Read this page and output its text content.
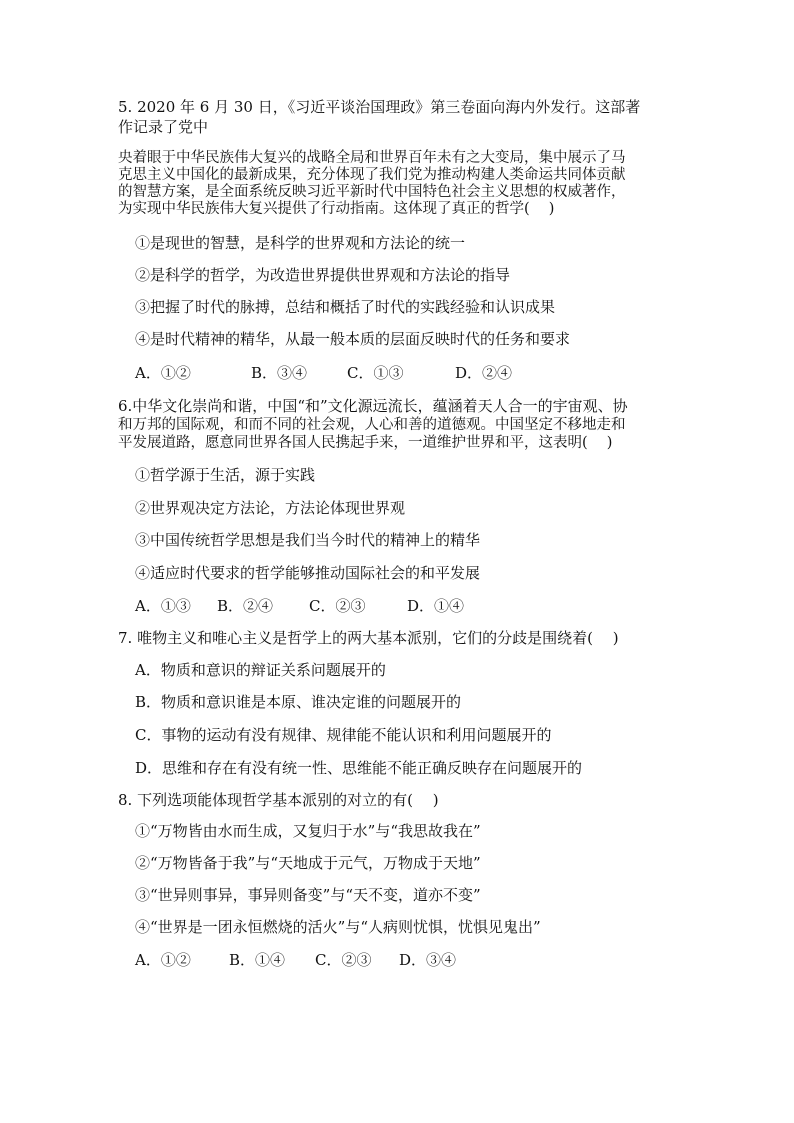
5. 2020 年 6 月 30 日，《习近平谈治国理政》第三卷面向海内外发行。这部著
作记录了党中
央着眼于中华民族伟大复兴的战略全局和世界百年未有之大变局，集中展示了马
克思主义中国化的最新成果，充分体现了我们党为推动构建人类命运共同体贡献
的智慧方案，是全面系统反映习近平新时代中国特色社会主义思想的权威著作，
为实现中华民族伟大复兴提供了行动指南。这体现了真正的哲学(　 )
①是现世的智慧，是科学的世界观和方法论的统一
②是科学的哲学，为改造世界提供世界观和方法论的指导
③把握了时代的脉搏，总结和概括了时代的实践经验和认识成果
④是时代精神的精华，从最一般本质的层面反映时代的任务和要求
A．①②	B．③④	C．①③	D．②④
6.中华文化崇尚和谐，中国“和”文化源远流长，蕴涵着天人合一的宇宙观、协
和万邦的国际观，和而不同的社会观，人心和善的道德观。中国坚定不移地走和
平发展道路，愿意同世界各国人民携起手来，一道维护世界和平，这表明(　 )
①哲学源于生活，源于实践
②世界观决定方法论，方法论体现世界观
③中国传统哲学思想是我们当今时代的精神上的精华
④适应时代要求的哲学能够推动国际社会的和平发展
A．①③ B．②④ C．②③	D．①④
7. 唯物主义和唯心主义是哲学上的两大基本派别，它们的分歧是围绕着(　 )
A．物质和意识的辩证关系问题展开的
B．物质和意识谁是本原、谁决定谁的问题展开的
C．事物的运动有没有规律、规律能不能认识和利用问题展开的
D．思维和存在有没有统一性、思维能不能正确反映存在问题展开的
8. 下列选项能体现哲学基本派别的对立的有(　 )
①“万物皆由水而生成，又复归于水”与“我思故我在”
②“万物皆备于我”与“天地成于元气，万物成于天地”
③“世异则事异，事异则备变”与“天不变，道亦不变”
④“世界是一团永恒燃烧的活火”与“人病则忧惧，忧惧见鬼出”
A．①②	B．①④ C．②③ D．③④
